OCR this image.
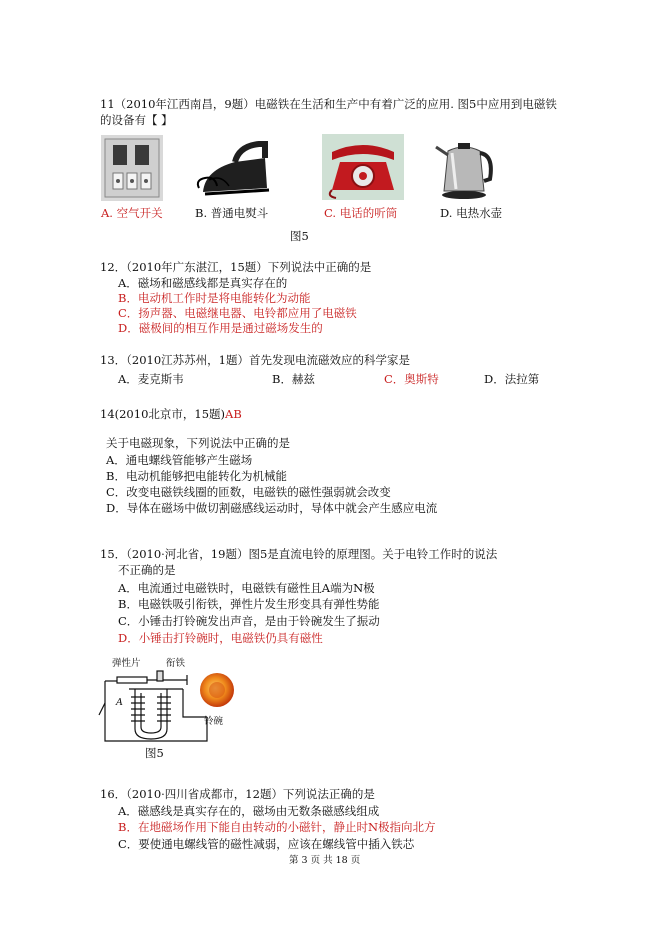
11（2010年江西南昌，9题）电磁铁在生活和生产中有着广泛的应用. 图5中应用到电磁铁
的设备有【 】
A. 空气开关	B. 普通电熨斗	C. 电话的听筒	D. 电热水壶
图5
12．（2010年广东湛江，15题）下列说法中正确的是
A．磁场和磁感线都是真实存在的
B．电动机工作时是将电能转化为动能
C．扬声器、电磁继电器、电铃都应用了电磁铁
D．磁极间的相互作用是通过磁场发生的
13．（2010江苏苏州，1题）首先发现电流磁效应的科学家是
A．麦克斯韦	B．赫兹	C．奥斯特	D．法拉第
14(2010北京市，15题)AB
关于电磁现象，下列说法中正确的是
A．通电螺线管能够产生磁场
B．电动机能够把电能转化为机械能
C．改变电磁铁线圈的匝数，电磁铁的磁性强弱就会改变
D．导体在磁场中做切割磁感线运动时，导体中就会产生感应电流
15．（2010·河北省，19题）图5是直流电铃的原理图。关于电铃工作时的说法
不正确的是
A．电流通过电磁铁时，电磁铁有磁性且A端为N极
B．电磁铁吸引衔铁，弹性片发生形变具有弹性势能
C．小锤击打铃碗发出声音，是由于铃碗发生了振动
D．小锤击打铃碗时，电磁铁仍具有磁性
弹性片	衔铁
A
铃碗
图5
16．（2010·四川省成都市，12题）下列说法正确的是
A．磁感线是真实存在的，磁场由无数条磁感线组成
B．在地磁场作用下能自由转动的小磁针，静止时N极指向北方
C．要使通电螺线管的磁性减弱，应该在螺线管中插入铁芯
第 3 页 共 18 页
